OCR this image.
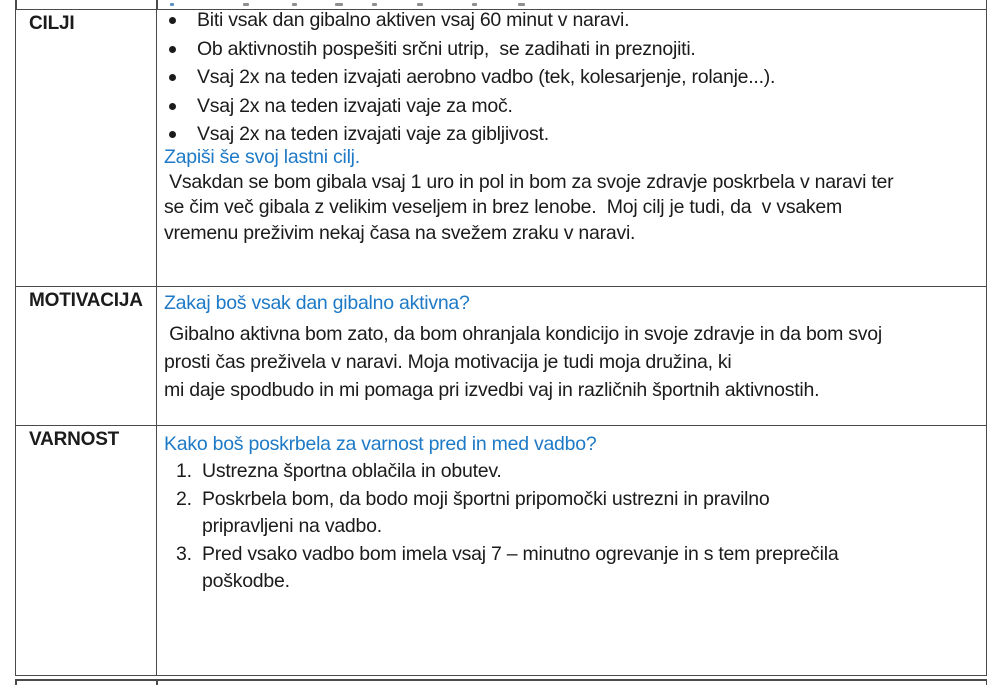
CILJI	Biti vsak dan gibalno aktiven vsaj 60 minut v naravi.
Ob aktivnostih pospešiti srčni utrip,  se zadihati in preznojiti.
Vsaj 2x na teden izvajati aerobno vadbo (tek, kolesarjenje, rolanje...).
Vsaj 2x na teden izvajati vaje za moč.
Vsaj 2x na teden izvajati vaje za gibljivost.
Zapiši še svoj lastni cilj.
Vsakdan se bom gibala vsaj 1 uro in pol in bom za svoje zdravje poskrbela v naravi ter
se čim več gibala z velikim veseljem in brez lenobe.  Moj cilj je tudi, da  v vsakem
vremenu preživim nekaj časa na svežem zraku v naravi.
MOTIVACIJA	Zakaj boš vsak dan gibalno aktivna?
Gibalno aktivna bom zato, da bom ohranjala kondicijo in svoje zdravje in da bom svoj
prosti čas preživela v naravi. Moja motivacija je tudi moja družina, ki
mi daje spodbudo in mi pomaga pri izvedbi vaj in različnih športnih aktivnostih.
VARNOST	Kako boš poskrbela za varnost pred in med vadbo?
1. Ustrezna športna oblačila in obutev.
2. Poskrbela bom, da bodo moji športni pripomočki ustrezni in pravilno
pripravljeni na vadbo.
3. Pred vsako vadbo bom imela vsaj 7 – minutno ogrevanje in s tem preprečila
poškodbe.
